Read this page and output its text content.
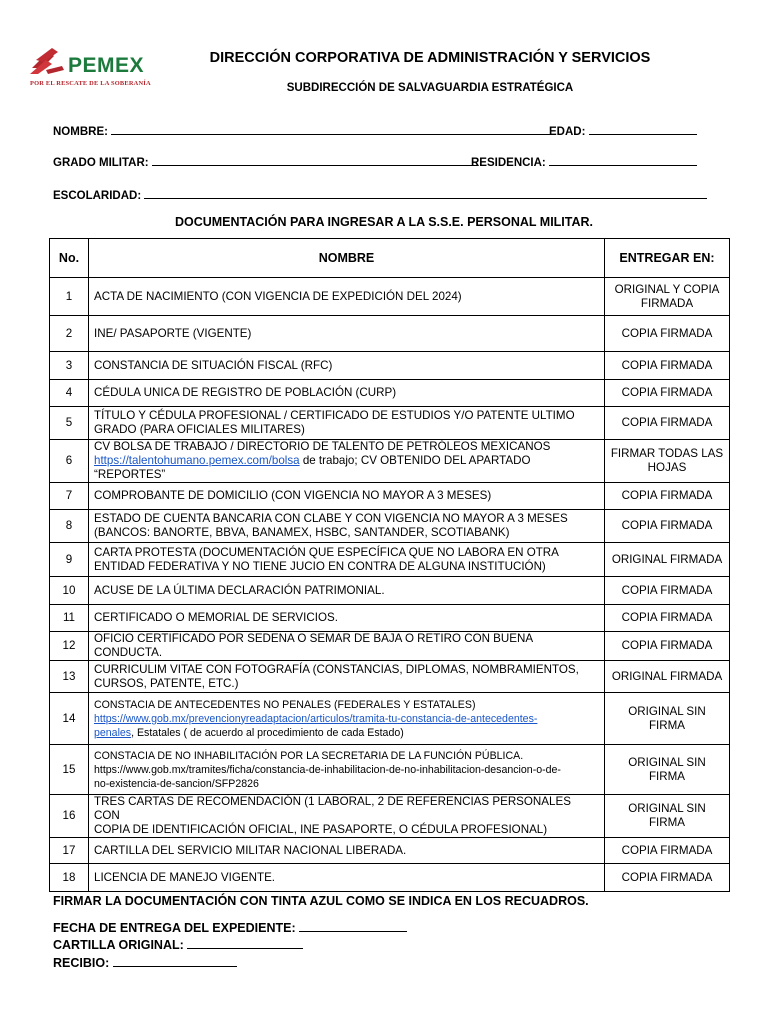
PEMEX
POR EL RESCATE DE LA SOBERANÍA
DIRECCIÓN CORPORATIVA DE ADMINISTRACIÓN Y SERVICIOS
SUBDIRECCIÓN DE SALVAGUARDIA ESTRATÉGICA
NOMBRE:	EDAD:
GRADO MILITAR:	RESIDENCIA:
ESCOLARIDAD:
DOCUMENTACIÓN PARA INGRESAR A LA S.S.E. PERSONAL MILITAR.
No.	NOMBRE	ENTREGAR EN:
1	ACTA DE NACIMIENTO (CON VIGENCIA DE EXPEDICIÓN DEL 2024)	ORIGINAL Y COPIA
FIRMADA
2	INE/ PASAPORTE (VIGENTE)	COPIA FIRMADA
3	CONSTANCIA DE SITUACIÓN FISCAL (RFC)	COPIA FIRMADA
4	CÉDULA UNICA DE REGISTRO DE POBLACIÓN (CURP)	COPIA FIRMADA
5	TÍTULO Y CÉDULA PROFESIONAL / CERTIFICADO DE ESTUDIOS Y/O PATENTE ULTIMO
GRADO (PARA OFICIALES MILITARES)	COPIA FIRMADA
6	CV BOLSA DE TRABAJO / DIRECTORIO DE TALENTO DE PETRÓLEOS MEXICANOS
https://talentohumano.pemex.com/bolsa de trabajo; CV OBTENIDO DEL APARTADO “REPORTES”	FIRMAR TODAS LAS
HOJAS
7	COMPROBANTE DE DOMICILIO (CON VIGENCIA NO MAYOR A 3 MESES)	COPIA FIRMADA
8	ESTADO DE CUENTA BANCARIA CON CLABE Y CON VIGENCIA NO MAYOR A 3 MESES
(BANCOS: BANORTE, BBVA, BANAMEX, HSBC, SANTANDER, SCOTIABANK)	COPIA FIRMADA
9	CARTA PROTESTA (DOCUMENTACIÓN QUE ESPECÍFICA QUE NO LABORA EN OTRA
ENTIDAD FEDERATIVA Y NO TIENE JUCIO EN CONTRA DE ALGUNA INSTITUCIÓN)	ORIGINAL FIRMADA
10	ACUSE DE LA ÚLTIMA DECLARACIÓN PATRIMONIAL.	COPIA FIRMADA
11	CERTIFICADO O MEMORIAL DE SERVICIOS.	COPIA FIRMADA
12	OFICIO CERTIFICADO POR SEDENA O SEMAR DE BAJA O RETIRO CON BUENA CONDUCTA.	COPIA FIRMADA
13	CURRICULIM VITAE CON FOTOGRAFÍA (CONSTANCIAS, DIPLOMAS, NOMBRAMIENTOS,
CURSOS, PATENTE, ETC.)	ORIGINAL FIRMADA
14	CONSTACIA DE ANTECEDENTES NO PENALES (FEDERALES Y ESTATALES)
https://www.gob.mx/prevencionyreadaptacion/articulos/tramita-tu-constancia-de-antecedentes-
penales, Estatales ( de acuerdo al procedimiento de cada Estado)	ORIGINAL SIN
FIRMA
15	CONSTACIA DE NO INHABILITACIÓN POR LA SECRETARIA DE LA FUNCIÓN PÚBLICA.
https://www.gob.mx/tramites/ficha/constancia-de-inhabilitacion-de-no-inhabilitacion-desancion-o-de-
no-existencia-de-sancion/SFP2826	ORIGINAL SIN
FIRMA
16	TRES CARTAS DE RECOMENDACIÓN (1 LABORAL, 2 DE REFERENCIAS PERSONALES CON
COPIA DE IDENTIFICACIÓN OFICIAL, INE PASAPORTE, O CÉDULA PROFESIONAL)	ORIGINAL SIN
FIRMA
17	CARTILLA DEL SERVICIO MILITAR NACIONAL LIBERADA.	COPIA FIRMADA
18	LICENCIA DE MANEJO VIGENTE.	COPIA FIRMADA
FIRMAR LA DOCUMENTACIÓN CON TINTA AZUL COMO SE INDICA EN LOS RECUADROS.
FECHA DE ENTREGA DEL EXPEDIENTE:
CARTILLA ORIGINAL:
RECIBIO:
